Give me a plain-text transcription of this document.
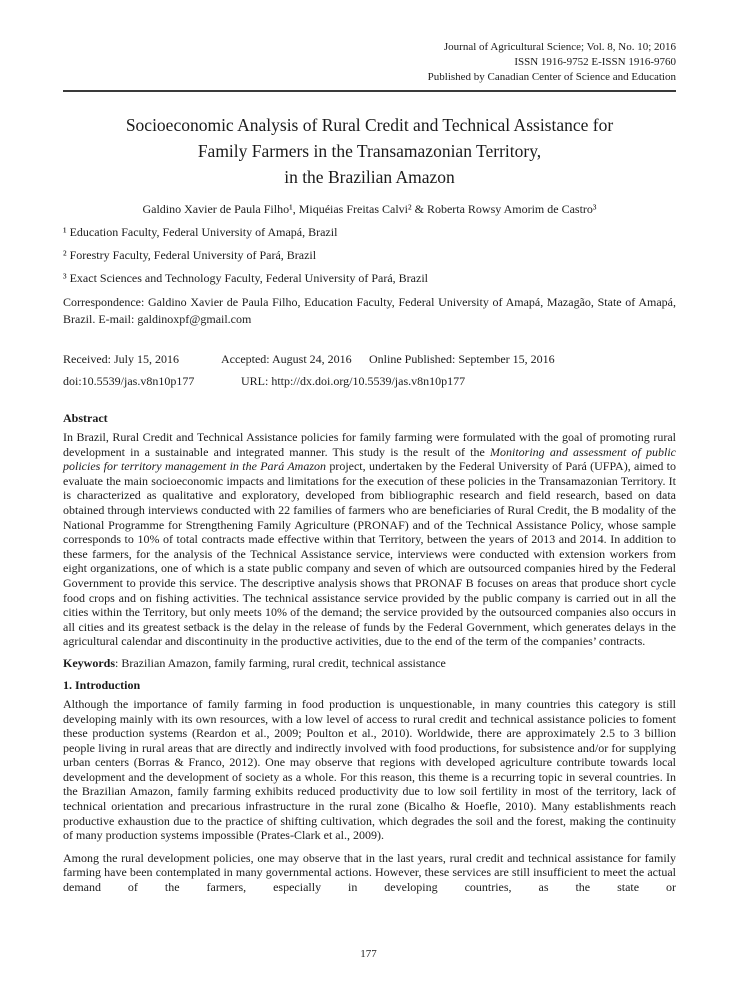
Journal of Agricultural Science; Vol. 8, No. 10; 2016
ISSN 1916-9752 E-ISSN 1916-9760
Published by Canadian Center of Science and Education
Socioeconomic Analysis of Rural Credit and Technical Assistance for
Family Farmers in the Transamazonian Territory,
in the Brazilian Amazon

Galdino Xavier de Paula Filho¹, Miquéias Freitas Calvi² & Roberta Rowsy Amorim de Castro³

¹ Education Faculty, Federal University of Amapá, Brazil

² Forestry Faculty, Federal University of Pará, Brazil

³ Exact Sciences and Technology Faculty, Federal University of Pará, Brazil

Correspondence: Galdino Xavier de Paula Filho, Education Faculty, Federal University of Amapá, Mazagão, State of Amapá, Brazil. E-mail: galdinoxpf@gmail.com

Received: July 15, 2016	Accepted: August 24, 2016 Online Published: September 15, 2016
doi:10.5539/jas.v8n10p177	URL: http://dx.doi.org/10.5539/jas.v8n10p177
Abstract

In Brazil, Rural Credit and Technical Assistance policies for family farming were formulated with the goal of promoting rural development in a sustainable and integrated manner. This study is the result of the Monitoring and assessment of public policies for territory management in the Pará Amazon project, undertaken by the Federal University of Pará (UFPA), aimed to evaluate the main socioeconomic impacts and limitations for the execution of these policies in the Transamazonian Territory. It is characterized as qualitative and exploratory, developed from bibliographic research and field research, based on data obtained through interviews conducted with 22 families of farmers who are beneficiaries of Rural Credit, the B modality of the National Programme for Strengthening Family Agriculture (PRONAF) and of the Technical Assistance Policy, whose sample corresponds to 10% of total contracts made effective within that Territory, between the years of 2013 and 2014. In addition to these farmers, for the analysis of the Technical Assistance service, interviews were conducted with extension workers from eight organizations, one of which is a state public company and seven of which are outsourced companies hired by the Federal Government to provide this service. The descriptive analysis shows that PRONAF B focuses on areas that produce short cycle food crops and on fishing activities. The technical assistance service provided by the public company is carried out in all the cities within the Territory, but only meets 10% of the demand; the service provided by the outsourced companies also occurs in all cities and its greatest setback is the delay in the release of funds by the Federal Government, which generates delays in the agricultural calendar and discontinuity in the productive activities, due to the end of the term of the companies’ contracts.

Keywords: Brazilian Amazon, family farming, rural credit, technical assistance

1. Introduction

Although the importance of family farming in food production is unquestionable, in many countries this category is still developing mainly with its own resources, with a low level of access to rural credit and technical assistance policies to foment these production systems (Reardon et al., 2009; Poulton et al., 2010). Worldwide, there are approximately 2.5 to 3 billion people living in rural areas that are directly and indirectly involved with food productions, for subsistence and/or for supplying urban centers (Borras & Franco, 2012). One may observe that regions with developed agriculture contribute towards local development and the development of society as a whole. For this reason, this theme is a recurring topic in several countries. In the Brazilian Amazon, family farming exhibits reduced productivity due to low soil fertility in most of the territory, lack of technical orientation and precarious infrastructure in the rural zone (Bicalho & Hoefle, 2010). Many establishments reach productive exhaustion due to the practice of shifting cultivation, which degrades the soil and the forest, making the continuity of many production systems impossible (Prates-Clark et al., 2009).

Among the rural development policies, one may observe that in the last years, rural credit and technical assistance for family farming have been contemplated in many governmental actions. However, these services are still insufficient to meet the actual demand of the farmers, especially in developing countries, as the state or

177
